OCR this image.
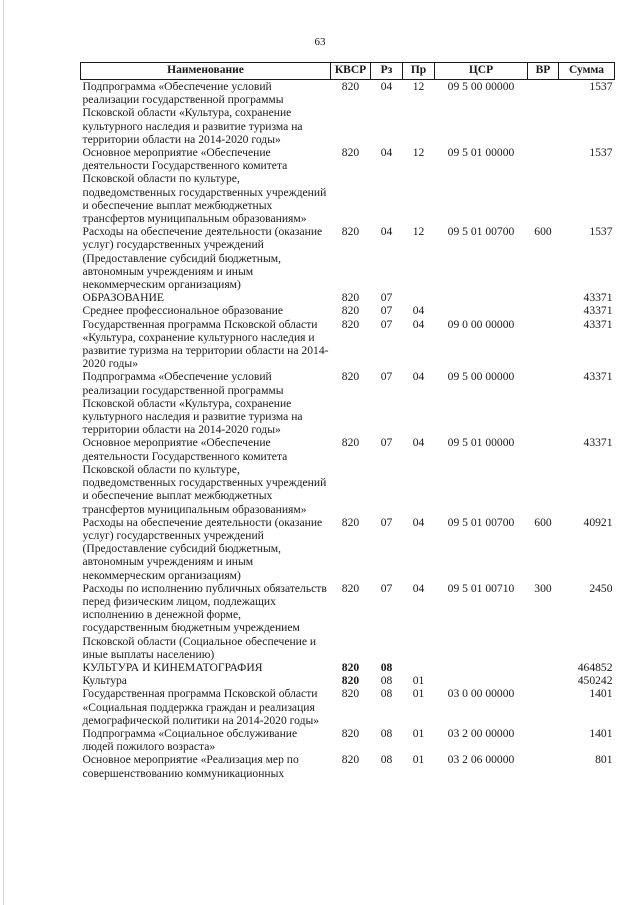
63
Наименование	КВСР	Рз	Пр	ЦСР	ВР	Сумма
Подпрограмма «Обеспечение условий реализации государственной программы Псковской области «Культура, сохранение культурного наследия и развитие туризма на территории области на 2014-2020 годы»	820	04	12	09 5 00 00000		1537
Основное мероприятие «Обеспечение деятельности Государственного комитета Псковской области по культуре, подведомственных государственных учреждений и обеспечение выплат межбюджетных трансфертов муниципальным образованиям»	820	04	12	09 5 01 00000		1537
Расходы на обеспечение деятельности (оказание услуг) государственных учреждений (Предоставление субсидий бюджетным, автономным учреждениям и иным некоммерческим организациям)	820	04	12	09 5 01 00700	600	1537
ОБРАЗОВАНИЕ	820	07				43371
Среднее профессиональное образование	820	07	04			43371
Государственная программа Псковской области «Культура, сохранение культурного наследия и развитие туризма на территории области на 2014-2020 годы»	820	07	04	09 0 00 00000		43371
Подпрограмма «Обеспечение условий реализации государственной программы Псковской области «Культура, сохранение культурного наследия и развитие туризма на территории области на 2014-2020 годы»	820	07	04	09 5 00 00000		43371
Основное мероприятие «Обеспечение деятельности Государственного комитета Псковской области по культуре, подведомственных государственных учреждений и обеспечение выплат межбюджетных трансфертов муниципальным образованиям»	820	07	04	09 5 01 00000		43371
Расходы на обеспечение деятельности (оказание услуг) государственных учреждений (Предоставление субсидий бюджетным, автономным учреждениям и иным некоммерческим организациям)	820	07	04	09 5 01 00700	600	40921
Расходы по исполнению публичных обязательств перед физическим лицом, подлежащих исполнению в денежной форме, государственным бюджетным учреждением Псковской области (Социальное обеспечение и иные выплаты населению)	820	07	04	09 5 01 00710	300	2450
КУЛЬТУРА И КИНЕМАТОГРАФИЯ	820	08				464852
Культура	820	08	01			450242
Государственная программа Псковской области «Социальная поддержка граждан и реализация демографической политики на 2014-2020 годы»	820	08	01	03 0 00 00000		1401
Подпрограмма «Социальное обслуживание людей пожилого возраста»	820	08	01	03 2 00 00000		1401
Основное мероприятие «Реализация мер по совершенствованию коммуникационных	820	08	01	03 2 06 00000		801
